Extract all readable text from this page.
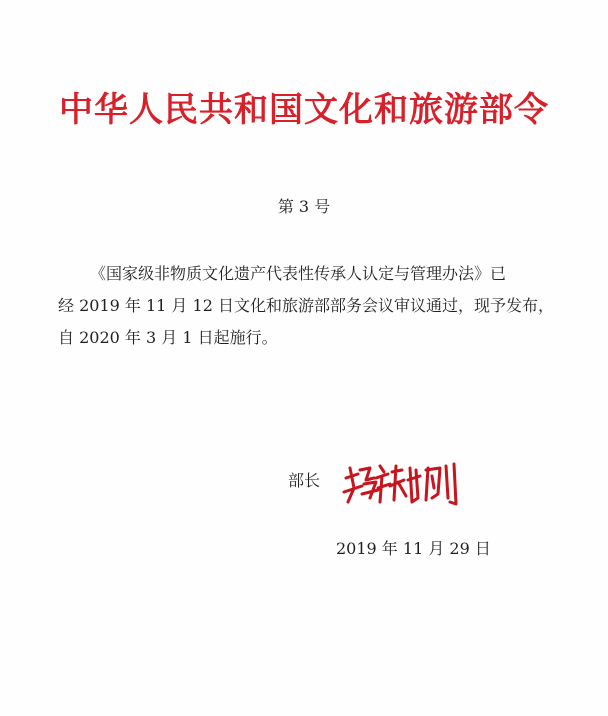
中华人民共和国文化和旅游部令
第 3 号
《国家级非物质文化遗产代表性传承人认定与管理办法》已
经 2019 年 11 月 12 日文化和旅游部部务会议审议通过，现予发布，
自 2020 年 3 月 1 日起施行。
部长
2019 年 11 月 29 日
